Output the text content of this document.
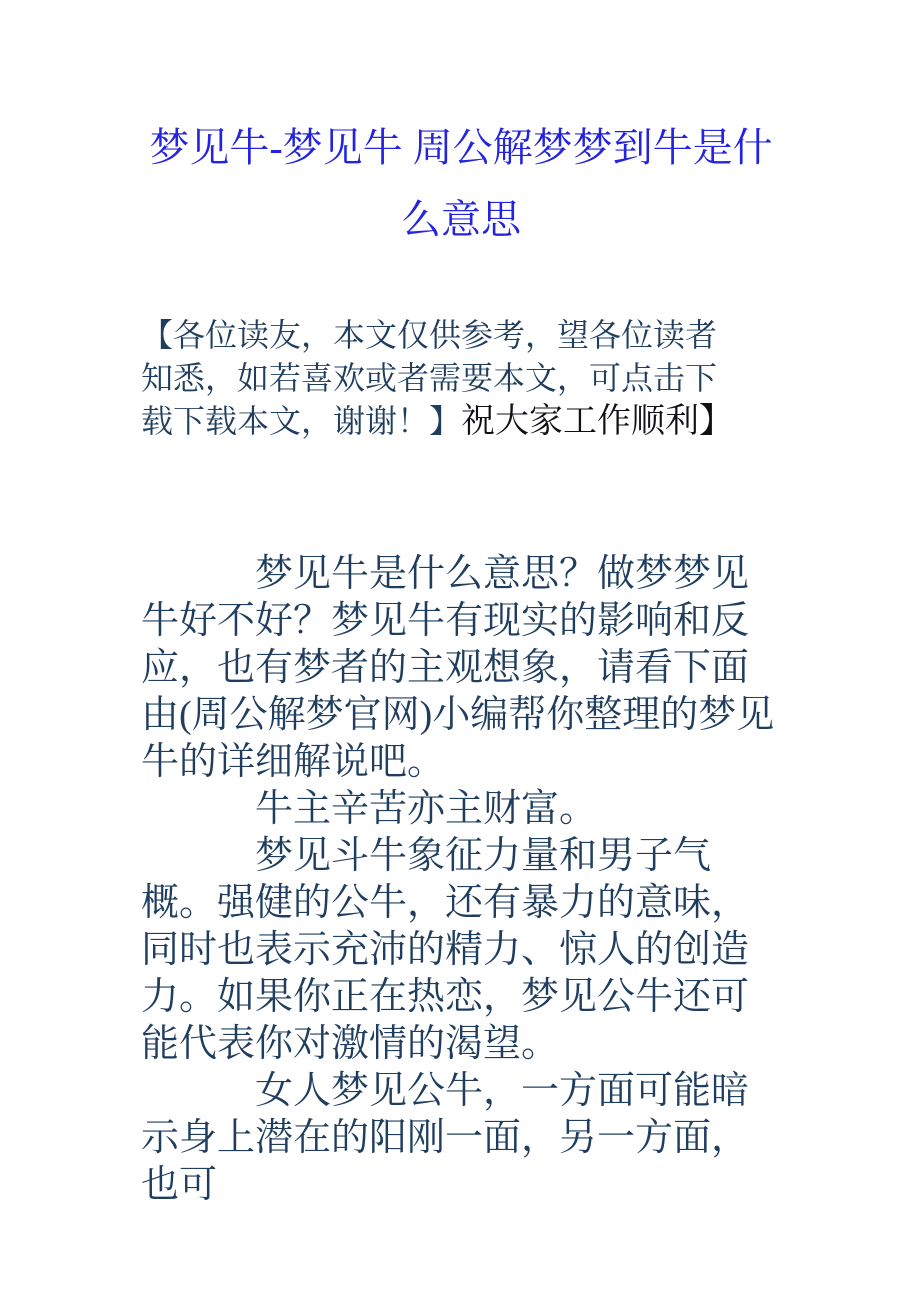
梦见牛-梦见牛 周公解梦梦到牛是什
么意思

【各位读友，本文仅供参考，望各位读者知悉，如若喜欢或者需要本文，可点击下载下载本文，谢谢！】祝大家工作顺利】

梦见牛是什么意思？做梦梦见牛好不好？梦见牛有现实的影响和反应，也有梦者的主观想象，请看下面由(周公解梦官网)小编帮你整理的梦见牛的详细解说吧。

牛主辛苦亦主财富。

梦见斗牛象征力量和男子气概。强健的公牛，还有暴力的意味，同时也表示充沛的精力、惊人的创造力。如果你正在热恋，梦见公牛还可能代表你对激情的渴望。

女人梦见公牛，一方面可能暗示身上潜在的阳刚一面，另一方面，也可
